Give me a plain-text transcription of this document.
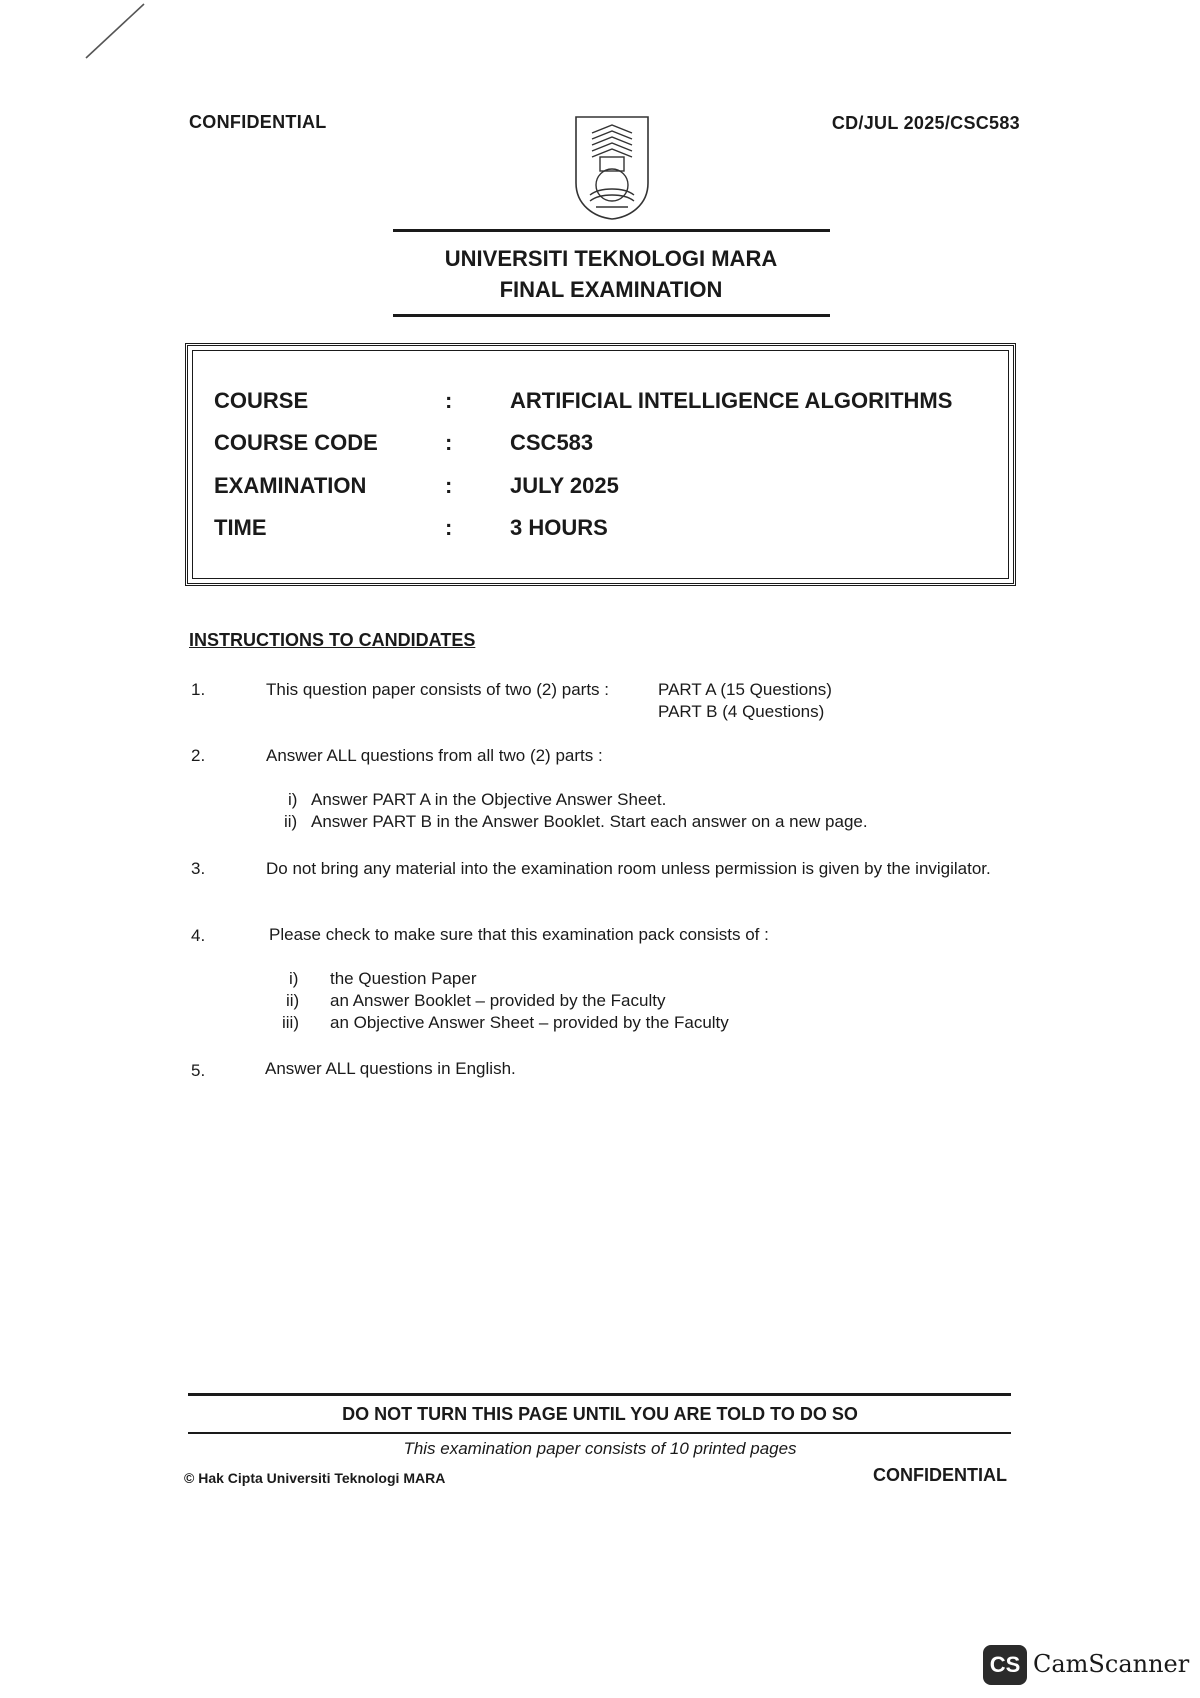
CONFIDENTIAL	CD/JUL 2025/CSC583
UNIVERSITI TEKNOLOGI MARA
FINAL EXAMINATION
COURSE	:	ARTIFICIAL INTELLIGENCE ALGORITHMS
COURSE CODE	:	CSC583
EXAMINATION	:	JULY 2025
TIME	:	3 HOURS
INSTRUCTIONS TO CANDIDATES
1.	This question paper consists of two (2) parts :	PART A (15 Questions)
PART B (4 Questions)
2.	Answer ALL questions from all two (2) parts :
i) Answer PART A in the Objective Answer Sheet.
ii) Answer PART B in the Answer Booklet. Start each answer on a new page.
3.	Do not bring any material into the examination room unless permission is given by the invigilator.
4.	Please check to make sure that this examination pack consists of :
i) the Question Paper
ii) an Answer Booklet – provided by the Faculty
iii) an Objective Answer Sheet – provided by the Faculty
5.	Answer ALL questions in English.
DO NOT TURN THIS PAGE UNTIL YOU ARE TOLD TO DO SO
This examination paper consists of 10 printed pages
© Hak Cipta Universiti Teknologi MARA	CONFIDENTIAL
CS CamScanner
